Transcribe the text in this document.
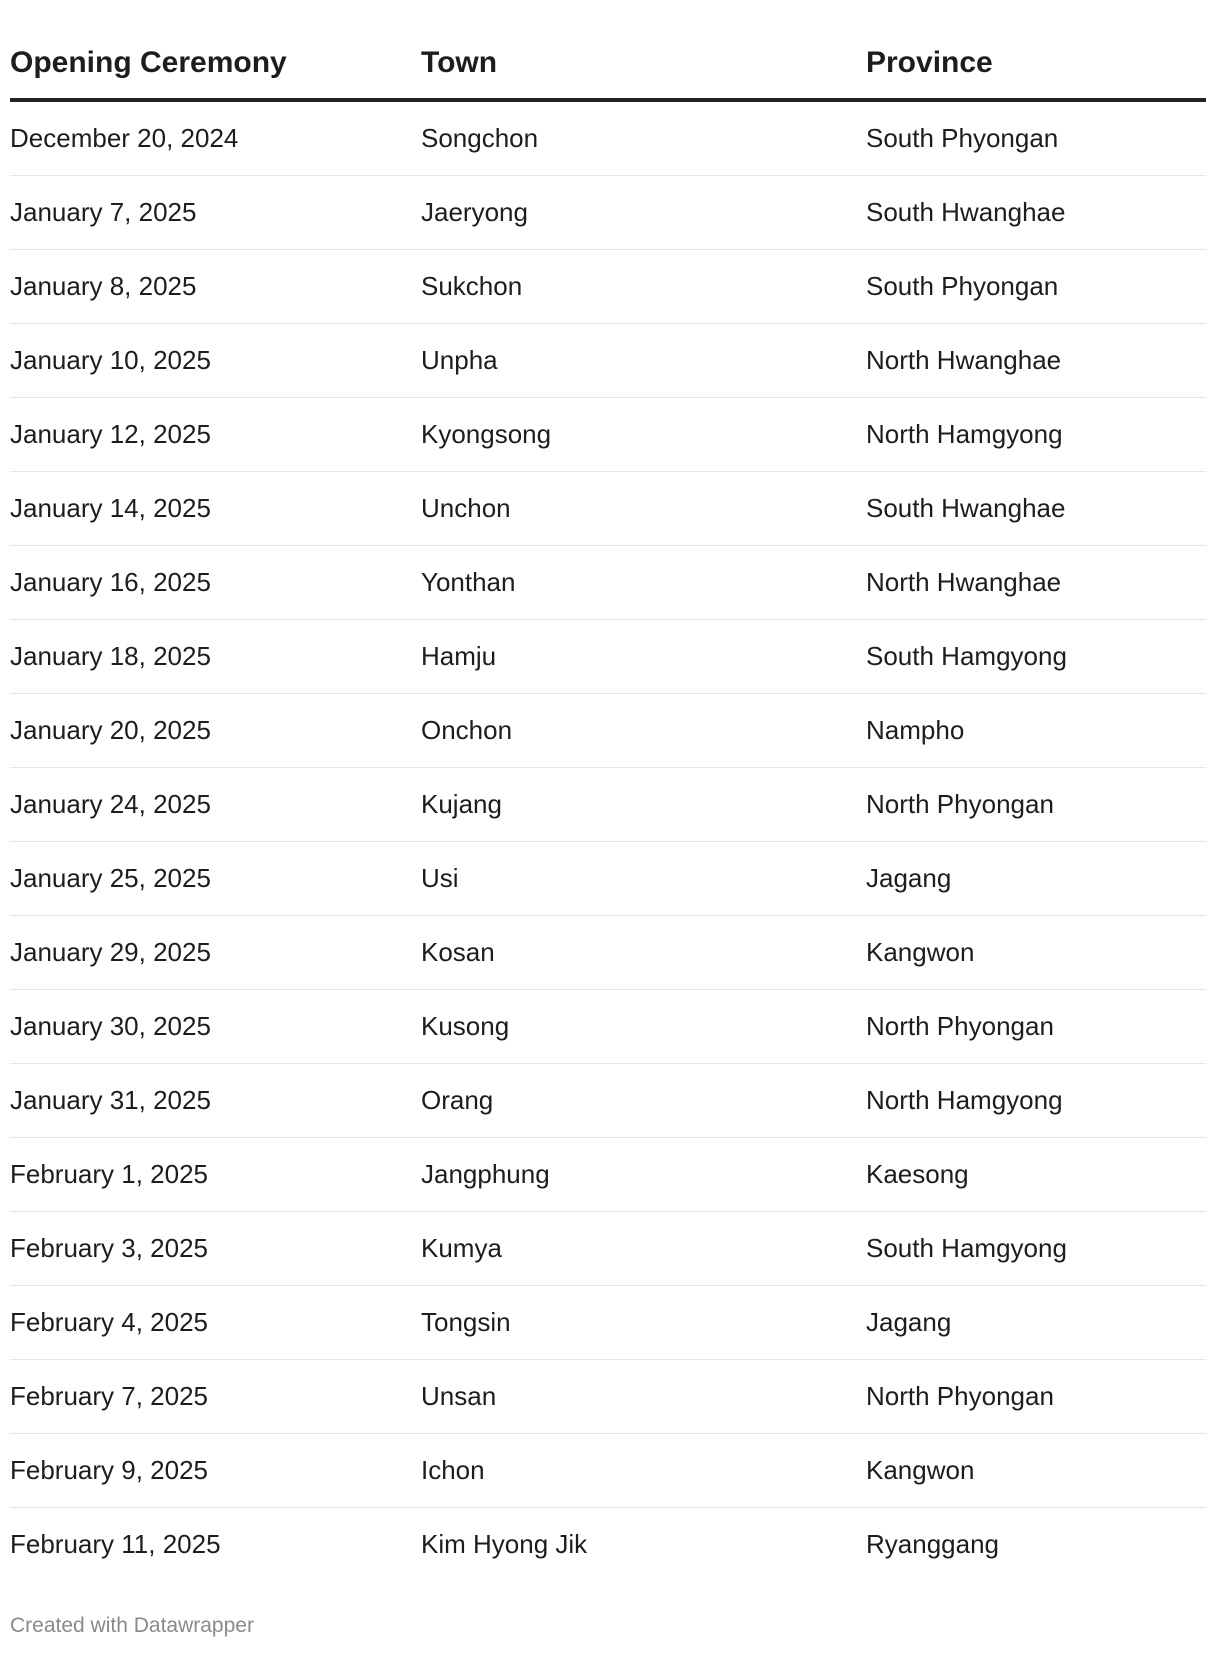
Opening Ceremony	Town	Province
December 20, 2024	Songchon	South Phyongan
January 7, 2025	Jaeryong	South Hwanghae
January 8, 2025	Sukchon	South Phyongan
January 10, 2025	Unpha	North Hwanghae
January 12, 2025	Kyongsong	North Hamgyong
January 14, 2025	Unchon	South Hwanghae
January 16, 2025	Yonthan	North Hwanghae
January 18, 2025	Hamju	South Hamgyong
January 20, 2025	Onchon	Nampho
January 24, 2025	Kujang	North Phyongan
January 25, 2025	Usi	Jagang
January 29, 2025	Kosan	Kangwon
January 30, 2025	Kusong	North Phyongan
January 31, 2025	Orang	North Hamgyong
February 1, 2025	Jangphung	Kaesong
February 3, 2025	Kumya	South Hamgyong
February 4, 2025	Tongsin	Jagang
February 7, 2025	Unsan	North Phyongan
February 9, 2025	Ichon	Kangwon
February 11, 2025	Kim Hyong Jik	Ryanggang
Created with Datawrapper
